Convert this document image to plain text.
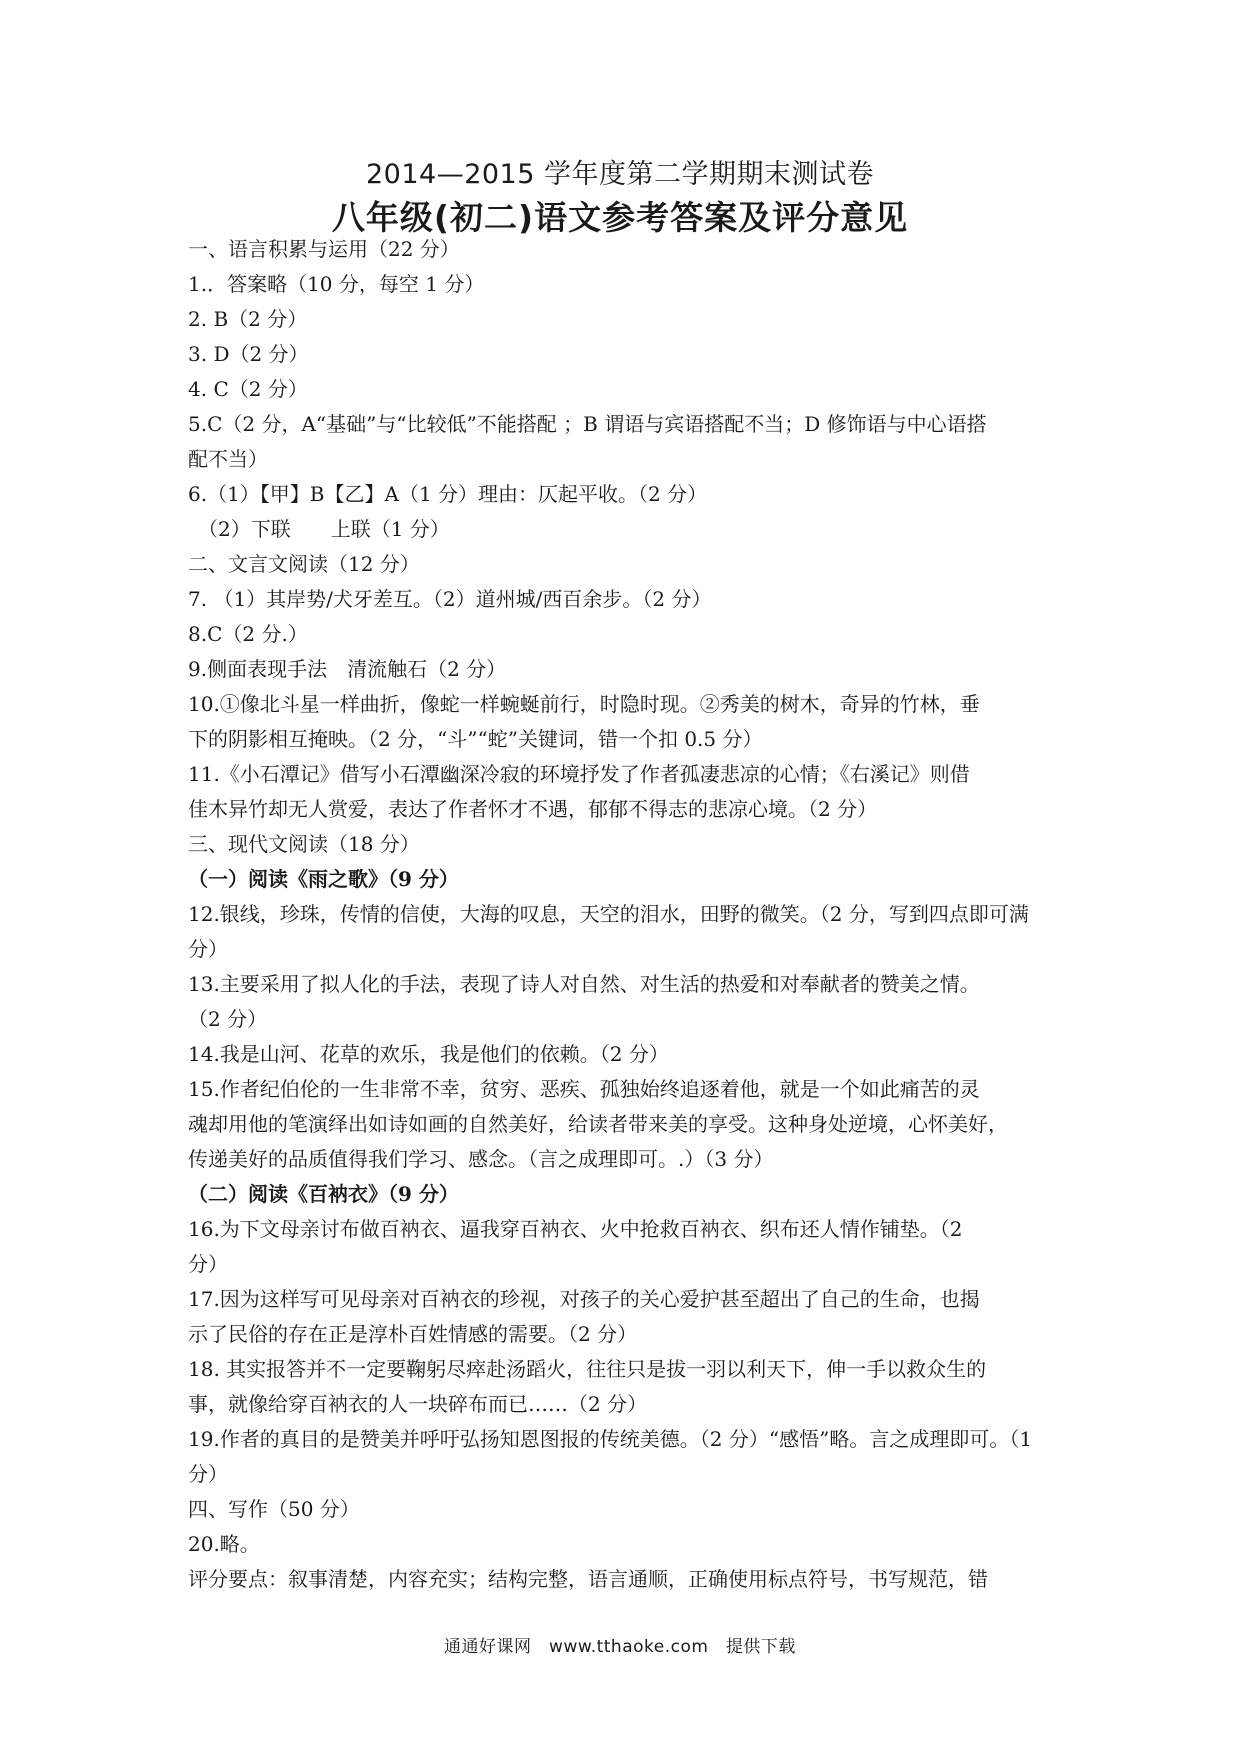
2014—2015 学年度第二学期期末测试卷
八年级(初二)语文参考答案及评分意见
一、语言积累与运用（22 分）
1.．答案略（10 分，每空 1 分）
2. B（2 分）
3. D（2 分）
4. C（2 分）
5.C（2 分，A“基础”与“比较低”不能搭配 ；B 谓语与宾语搭配不当；D 修饰语与中心语搭
配不当）
6.（1）【甲】B【乙】A（1 分）理由：仄起平收。（2 分）
（2）下联　　上联（1 分）
二、文言文阅读（12 分）
7. （1）其岸势/犬牙差互。（2）道州城/西百余步。（2 分）
8.C（2 分.）
9.侧面表现手法　清流触石（2 分）
10.①像北斗星一样曲折，像蛇一样蜿蜒前行，时隐时现。②秀美的树木，奇异的竹林，垂
下的阴影相互掩映。（2 分，“斗”“蛇”关键词，错一个扣 0.5 分）
11.《小石潭记》借写小石潭幽深冷寂的环境抒发了作者孤凄悲凉的心情；《右溪记》则借
佳木异竹却无人赏爱，表达了作者怀才不遇，郁郁不得志的悲凉心境。（2 分）
三、现代文阅读（18 分）
（一）阅读《雨之歌》（9 分）
12.银线，珍珠，传情的信使，大海的叹息，天空的泪水，田野的微笑。（2 分，写到四点即可满
分）
13.主要采用了拟人化的手法，表现了诗人对自然、对生活的热爱和对奉献者的赞美之情。
（2 分）
14.我是山河、花草的欢乐，我是他们的依赖。（2 分）
15.作者纪伯伦的一生非常不幸，贫穷、恶疾、孤独始终追逐着他，就是一个如此痛苦的灵
魂却用他的笔演绎出如诗如画的自然美好，给读者带来美的享受。这种身处逆境，心怀美好，
传递美好的品质值得我们学习、感念。（言之成理即可。.）（3 分）
（二）阅读《百衲衣》（9 分）
16.为下文母亲讨布做百衲衣、逼我穿百衲衣、火中抢救百衲衣、织布还人情作铺垫。（2
分）
17.因为这样写可见母亲对百衲衣的珍视，对孩子的关心爱护甚至超出了自己的生命，也揭
示了民俗的存在正是淳朴百姓情感的需要。（2 分）
18. 其实报答并不一定要鞠躬尽瘁赴汤蹈火，往往只是拔一羽以利天下，伸一手以救众生的
事，就像给穿百衲衣的人一块碎布而已……（2 分）
19.作者的真目的是赞美并呼吁弘扬知恩图报的传统美德。（2 分）“感悟”略。言之成理即可。（1
分）
四、写作（50 分）
20.略。
评分要点：叙事清楚，内容充实；结构完整，语言通顺，正确使用标点符号，书写规范，错
通通好课网　www.tthaoke.com　提供下载
